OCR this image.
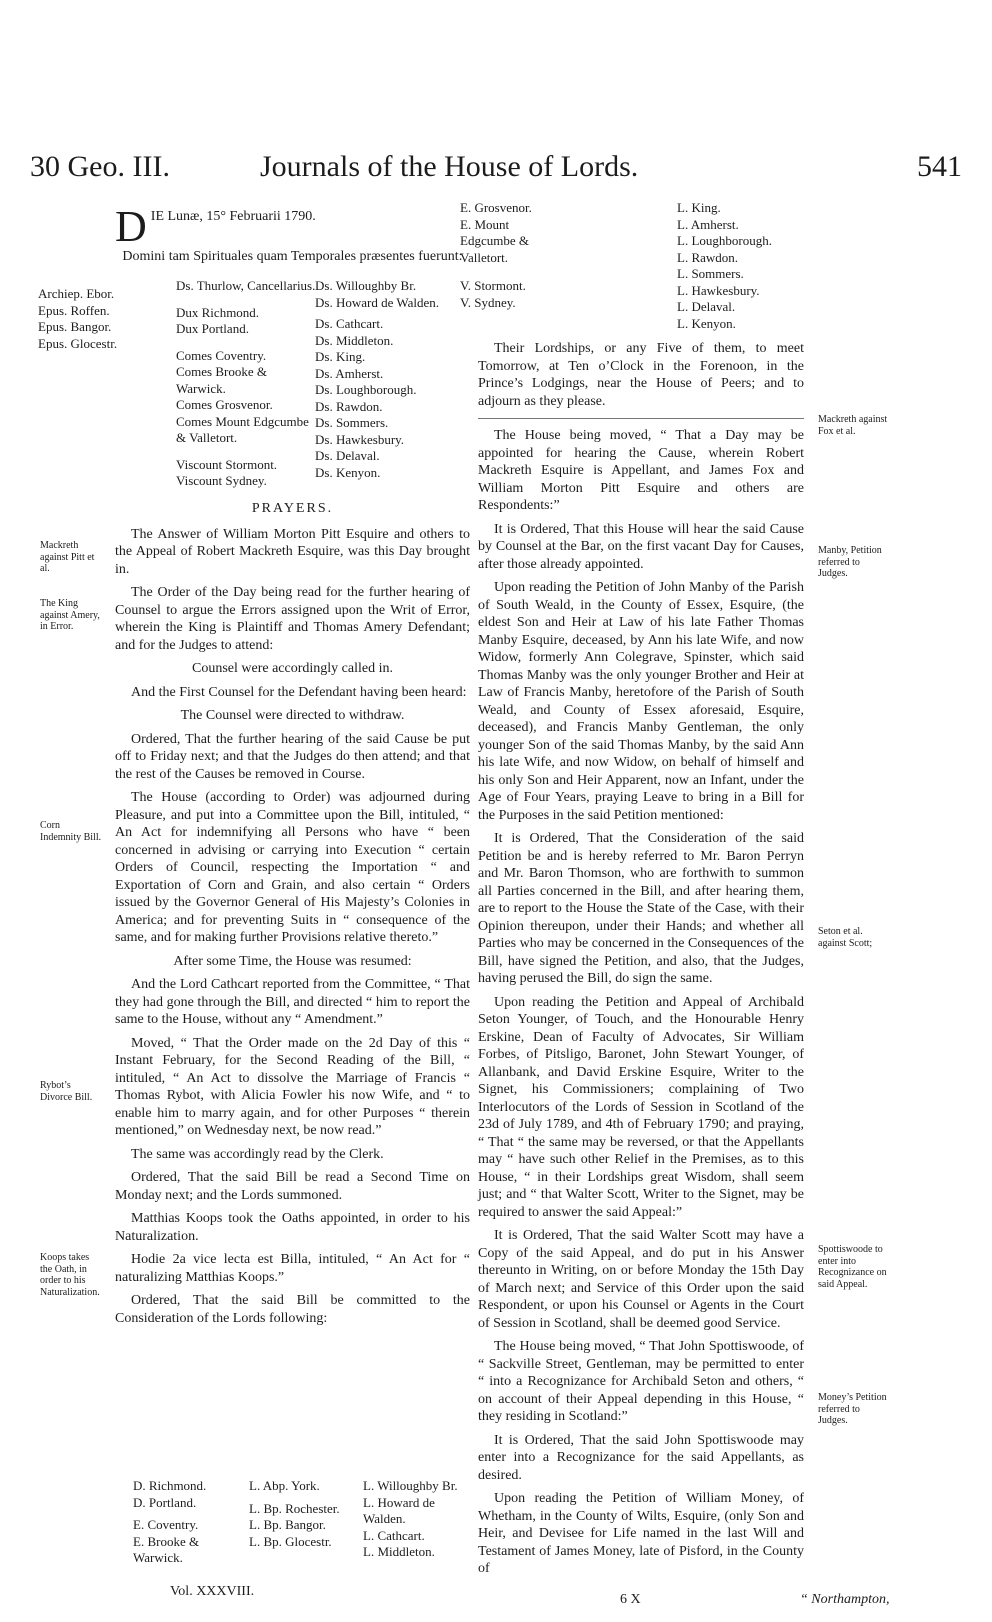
30 Geo. III.	Journals of the House of Lords.	541
D IE Lunæ, 15° Februarii 1790.

Domini tam Spirituales quam Temporales præsentes fuerunt:

Archiep. Ebor.
Epus. Roffen.
Epus. Bangor.
Epus. Glocestr.
Ds. Thurlow, Cancellarius.
Dux Richmond.
Dux Portland.
Comes Coventry.
Comes Brooke & Warwick.
Comes Grosvenor.
Comes Mount Edgcumbe & Valletort.
Viscount Stormont.
Viscount Sydney.
Ds. Willoughby Br.
Ds. Howard de Walden.
Ds. Cathcart.
Ds. Middleton.
Ds. King.
Ds. Amherst.
Ds. Loughborough.
Ds. Rawdon.
Ds. Sommers.
Ds. Hawkesbury.
Ds. Delaval.
Ds. Kenyon.

PRAYERS.

The Answer of William Morton Pitt Esquire and others to the Appeal of Robert Mackreth Esquire, was this Day brought in.

The Order of the Day being read for the further hearing of Counsel to argue the Errors assigned upon the Writ of Error, wherein the King is Plaintiff and Thomas Amery Defendant; and for the Judges to attend:

Counsel were accordingly called in.

And the First Counsel for the Defendant having been heard:

The Counsel were directed to withdraw.

Ordered, That the further hearing of the said Cause be put off to Friday next; and that the Judges do then attend; and that the rest of the Causes be removed in Course.

The House (according to Order) was adjourned during Pleasure, and put into a Committee upon the Bill, intituled, “ An Act for indemnifying all Persons who have “ been concerned in advising or carrying into Execution “ certain Orders of Council, respecting the Importation “ and Exportation of Corn and Grain, and also certain “ Orders issued by the Governor General of His Majesty’s Colonies in America; and for preventing Suits in “ consequence of the same, and for making further Provisions relative thereto.”

After some Time, the House was resumed:

And the Lord Cathcart reported from the Committee, “ That they had gone through the Bill, and directed “ him to report the same to the House, without any “ Amendment.”

Moved, “ That the Order made on the 2d Day of this “ Instant February, for the Second Reading of the Bill, “ intituled, “ An Act to dissolve the Marriage of Francis “ Thomas Rybot, with Alicia Fowler his now Wife, and “ to enable him to marry again, and for other Purposes “ therein mentioned,” on Wednesday next, be now read.”

The same was accordingly read by the Clerk.

Ordered, That the said Bill be read a Second Time on Monday next; and the Lords summoned.

Matthias Koops took the Oaths appointed, in order to his Naturalization.

Hodie 2a vice lecta est Billa, intituled, “ An Act for “ naturalizing Matthias Koops.”

Ordered, That the said Bill be committed to the Consideration of the Lords following:

D. Richmond.
D. Portland.
E. Coventry.
E. Brooke & Warwick.
L. Abp. York.
L. Bp. Rochester.
L. Bp. Bangor.
L. Bp. Glocestr.
L. Willoughby Br.
L. Howard de Walden.
L. Cathcart.
L. Middleton.
Vol. XXXVIII.
Mackreth against Pitt et al.
The King against Amery, in Error.
Corn Indemnity Bill.
Rybot’s Divorce Bill.
Koops takes the Oath, in order to his Naturalization.
E. Grosvenor.
E. Mount Edgcumbe & Valletort.
V. Stormont.
V. Sydney.
L. King.
L. Amherst.
L. Loughborough.
L. Rawdon.
L. Sommers.
L. Hawkesbury.
L. Delaval.
L. Kenyon.

Their Lordships, or any Five of them, to meet Tomorrow, at Ten o’Clock in the Forenoon, in the Prince’s Lodgings, near the House of Peers; and to adjourn as they please.

The House being moved, “ That a Day may be appointed for hearing the Cause, wherein Robert Mackreth Esquire is Appellant, and James Fox and William Morton Pitt Esquire and others are Respondents:”

It is Ordered, That this House will hear the said Cause by Counsel at the Bar, on the first vacant Day for Causes, after those already appointed.

Upon reading the Petition of John Manby of the Parish of South Weald, in the County of Essex, Esquire, (the eldest Son and Heir at Law of his late Father Thomas Manby Esquire, deceased, by Ann his late Wife, and now Widow, formerly Ann Colegrave, Spinster, which said Thomas Manby was the only younger Brother and Heir at Law of Francis Manby, heretofore of the Parish of South Weald, and County of Essex aforesaid, Esquire, deceased), and Francis Manby Gentleman, the only younger Son of the said Thomas Manby, by the said Ann his late Wife, and now Widow, on behalf of himself and his only Son and Heir Apparent, now an Infant, under the Age of Four Years, praying Leave to bring in a Bill for the Purposes in the said Petition mentioned:

It is Ordered, That the Consideration of the said Petition be and is hereby referred to Mr. Baron Perryn and Mr. Baron Thomson, who are forthwith to summon all Parties concerned in the Bill, and after hearing them, are to report to the House the State of the Case, with their Opinion thereupon, under their Hands; and whether all Parties who may be concerned in the Consequences of the Bill, have signed the Petition, and also, that the Judges, having perused the Bill, do sign the same.

Upon reading the Petition and Appeal of Archibald Seton Younger, of Touch, and the Honourable Henry Erskine, Dean of Faculty of Advocates, Sir William Forbes, of Pitsligo, Baronet, John Stewart Younger, of Allanbank, and David Erskine Esquire, Writer to the Signet, his Commissioners; complaining of Two Interlocutors of the Lords of Session in Scotland of the 23d of July 1789, and 4th of February 1790; and praying, “ That “ the same may be reversed, or that the Appellants may “ have such other Relief in the Premises, as to this House, “ in their Lordships great Wisdom, shall seem just; and “ that Walter Scott, Writer to the Signet, may be required to answer the said Appeal:”

It is Ordered, That the said Walter Scott may have a Copy of the said Appeal, and do put in his Answer thereunto in Writing, on or before Monday the 15th Day of March next; and Service of this Order upon the said Respondent, or upon his Counsel or Agents in the Court of Session in Scotland, shall be deemed good Service.

The House being moved, “ That John Spottiswoode, of “ Sackville Street, Gentleman, may be permitted to enter “ into a Recognizance for Archibald Seton and others, “ on account of their Appeal depending in this House, “ they residing in Scotland:”

It is Ordered, That the said John Spottiswoode may enter into a Recognizance for the said Appellants, as desired.

Upon reading the Petition of William Money, of Whetham, in the County of Wilts, Esquire, (only Son and Heir, and Devisee for Life named in the last Will and Testament of James Money, late of Pisford, in the County of

6 X	“ Northampton,
Mackreth against Fox et al.
Manby, Petition referred to Judges.
Seton et al. against Scott;
Spottiswoode to enter into Recognizance on said Appeal.
Money’s Petition referred to Judges.
